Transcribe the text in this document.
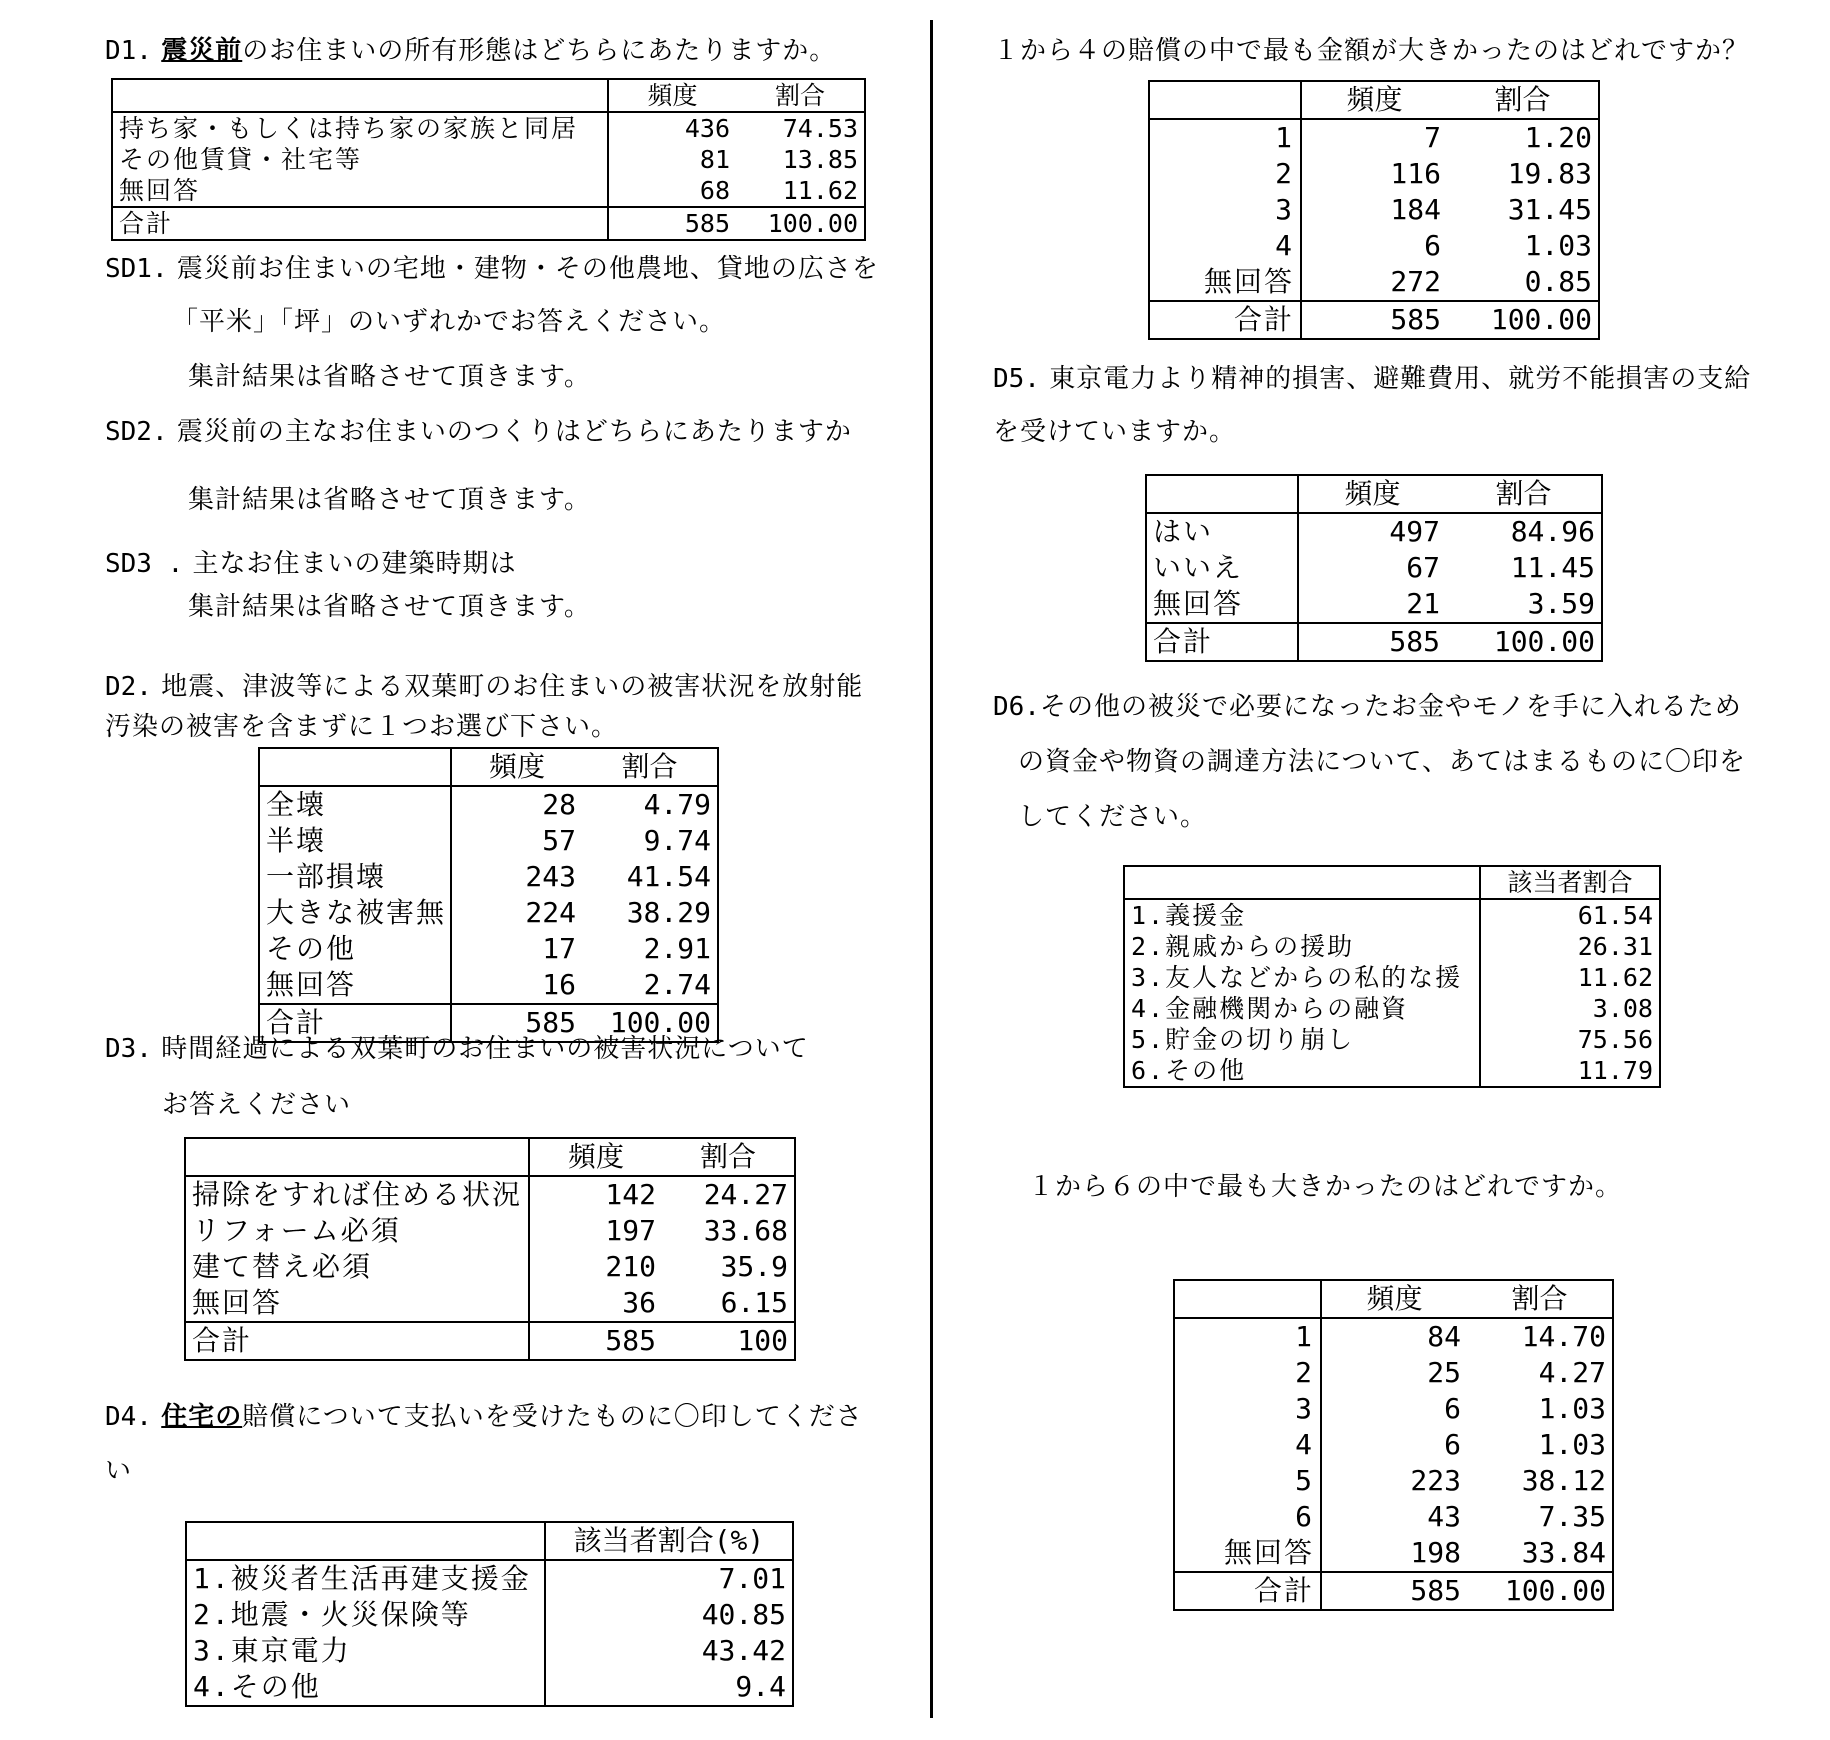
D1. 震災前のお住まいの所有形態はどちらにあたりますか。
	頻度	割合
持ち家・もしくは持ち家の家族と同居	436	74.53
その他賃貸・社宅等	81	13.85
無回答	68	11.62
合計	585	100.00
SD1. 震災前お住まいの宅地・建物・その他農地、貸地の広さを
「平米」「坪」のいずれかでお答えください。
集計結果は省略させて頂きます。
SD2. 震災前の主なお住まいのつくりはどちらにあたりますか
集計結果は省略させて頂きます。
SD3 . 主なお住まいの建築時期は
集計結果は省略させて頂きます。
D2. 地震、津波等による双葉町のお住まいの被害状況を放射能
汚染の被害を含まずに１つお選び下さい。
	頻度	割合
全壊	28	4.79
半壊	57	9.74
一部損壊	243	41.54
大きな被害無	224	38.29
その他	17	2.91
無回答	16	2.74
合計	585	100.00
D3. 時間経過による双葉町のお住まいの被害状況について
お答えください
	頻度	割合
掃除をすれば住める状況	142	24.27
リフォーム必須	197	33.68
建て替え必須	210	35.9
無回答	36	6.15
合計	585	100
D4. 住宅の賠償について支払いを受けたものに〇印してくださ
い
	該当者割合(%)
1.被災者生活再建支援金	7.01
2.地震・火災保険等	40.85
3.東京電力	43.42
4.その他	9.4
１から４の賠償の中で最も金額が大きかったのはどれですか？
	頻度	割合
1	7	1.20
2	116	19.83
3	184	31.45
4	6	1.03
無回答	272	0.85
合計	585	100.00
D5. 東京電力より精神的損害、避難費用、就労不能損害の支給
を受けていますか。
	頻度	割合
はい	497	84.96
いいえ	67	11.45
無回答	21	3.59
合計	585	100.00
D6.その他の被災で必要になったお金やモノを手に入れるため
の資金や物資の調達方法について、あてはまるものに〇印を
してください。
	該当者割合
1.義援金	61.54
2.親戚からの援助	26.31
3.友人などからの私的な援	11.62
4.金融機関からの融資	3.08
5.貯金の切り崩し	75.56
6.その他	11.79
１から６の中で最も大きかったのはどれですか。
	頻度	割合
1	84	14.70
2	25	4.27
3	6	1.03
4	6	1.03
5	223	38.12
6	43	7.35
無回答	198	33.84
合計	585	100.00
